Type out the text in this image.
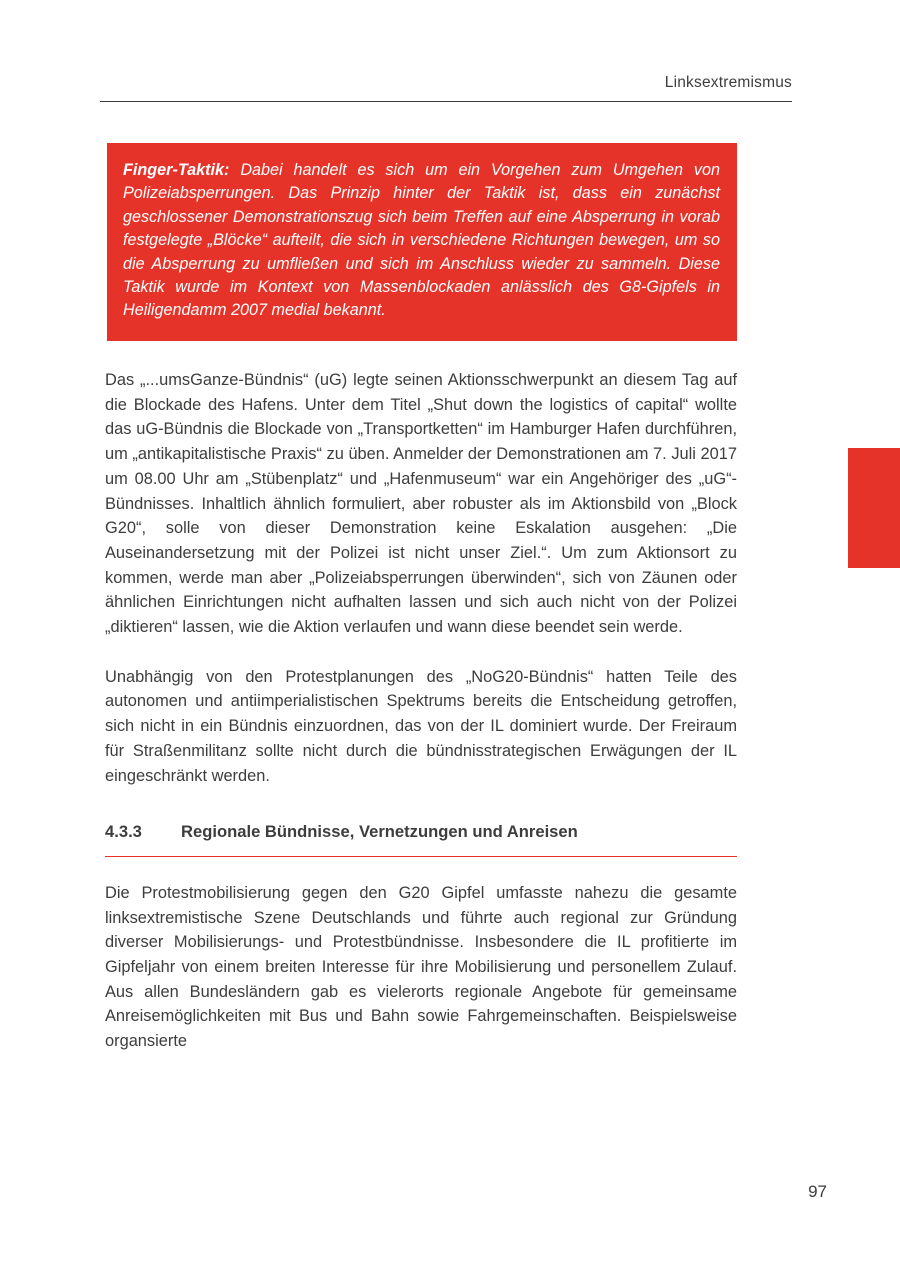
Linksextremismus

Finger-Taktik: Dabei handelt es sich um ein Vorgehen zum Umgehen von Polizeiabsperrungen. Das Prinzip hinter der Taktik ist, dass ein zunächst geschlossener Demonstrationszug sich beim Treffen auf eine Absperrung in vorab festgelegte „Blöcke“ aufteilt, die sich in verschiedene Richtungen bewegen, um so die Absperrung zu umfließen und sich im Anschluss wieder zu sammeln. Diese Taktik wurde im Kontext von Massenblockaden anlässlich des G8-Gipfels in Heiligendamm 2007 medial bekannt.

Das „...umsGanze-Bündnis“ (uG) legte seinen Aktionsschwerpunkt an diesem Tag auf die Blockade des Hafens. Unter dem Titel „Shut down the logistics of capital“ wollte das uG-Bündnis die Blockade von „Transportketten“ im Hamburger Hafen durchführen, um „antikapitalistische Praxis“ zu üben. Anmelder der Demonstrationen am 7. Juli 2017 um 08.00 Uhr am „Stübenplatz“ und „Hafenmuseum“ war ein Angehöriger des „uG“-Bündnisses. Inhaltlich ähnlich formuliert, aber robuster als im Aktionsbild von „Block G20“, solle von dieser Demonstration keine Eskalation ausgehen: „Die Auseinandersetzung mit der Polizei ist nicht unser Ziel.“. Um zum Aktionsort zu kommen, werde man aber „Polizeiabsperrungen überwinden“, sich von Zäunen oder ähnlichen Einrichtungen nicht aufhalten lassen und sich auch nicht von der Polizei „diktieren“ lassen, wie die Aktion verlaufen und wann diese beendet sein werde.

Unabhängig von den Protestplanungen des „NoG20-Bündnis“ hatten Teile des autonomen und antiimperialistischen Spektrums bereits die Entscheidung getroffen, sich nicht in ein Bündnis einzuordnen, das von der IL dominiert wurde. Der Freiraum für Straßenmilitanz sollte nicht durch die bündnisstrategischen Erwägungen der IL eingeschränkt werden.

4.3.3	Regionale Bündnisse, Vernetzungen und Anreisen

Die Protestmobilisierung gegen den G20 Gipfel umfasste nahezu die gesamte linksextremistische Szene Deutschlands und führte auch regional zur Gründung diverser Mobilisierungs- und Protestbündnisse. Insbesondere die IL profitierte im Gipfeljahr von einem breiten Interesse für ihre Mobilisierung und personellem Zulauf. Aus allen Bundesländern gab es vielerorts regionale Angebote für gemeinsame Anreisemöglichkeiten mit Bus und Bahn sowie Fahrgemeinschaften. Beispielsweise organsierte

97
